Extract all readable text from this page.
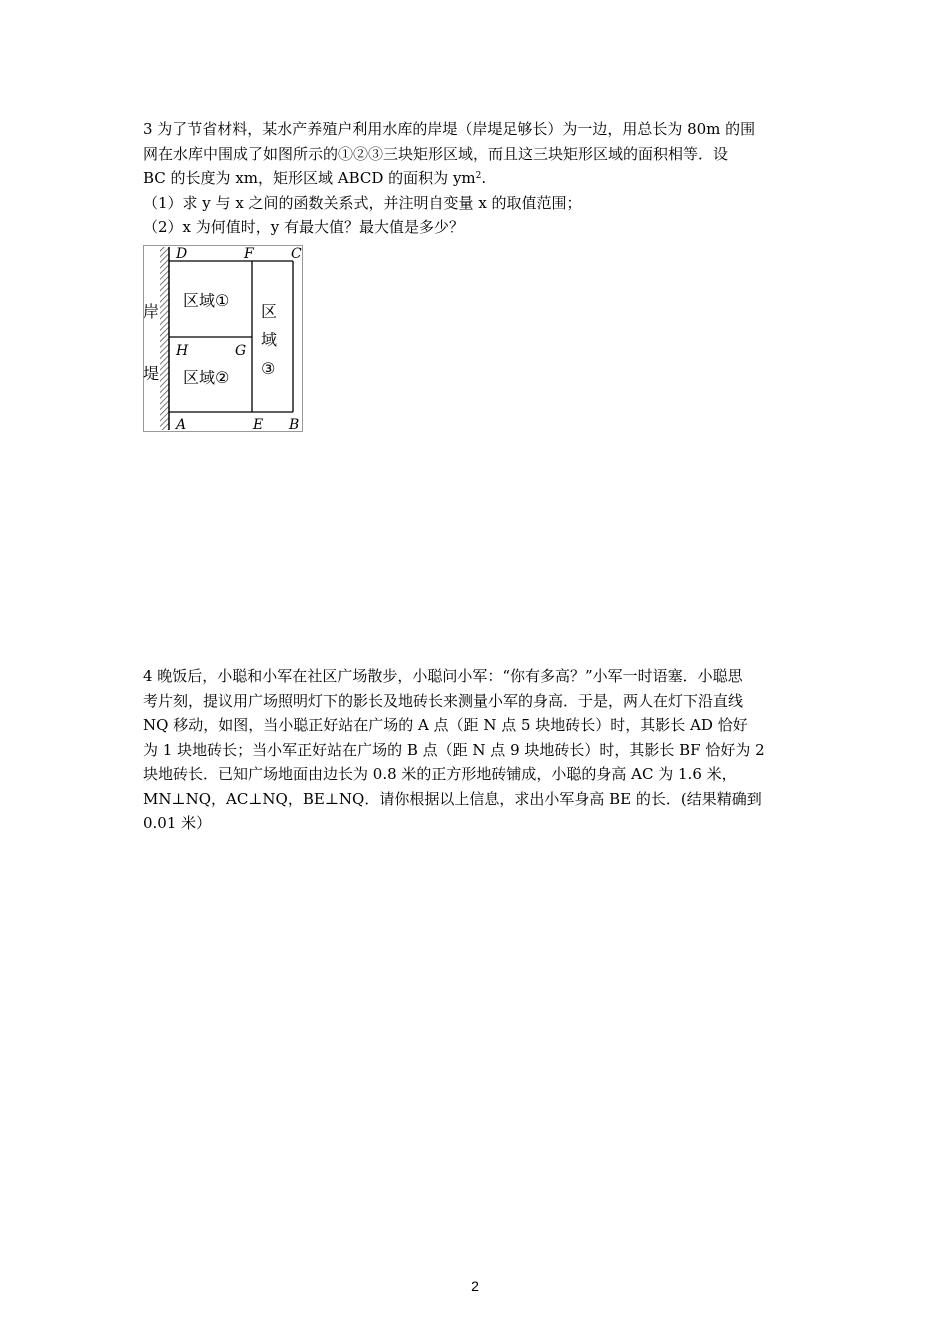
3 为了节省材料，某水产养殖户利用水库的岸堤（岸堤足够长）为一边，用总长为 80m 的围
网在水库中围成了如图所示的①②③三块矩形区域，而且这三块矩形区域的面积相等．设
BC 的长度为 xm，矩形区域 ABCD 的面积为 $ym^2$.
（1）求 y 与 x 之间的函数关系式，并注明自变量 x 的取值范围；
（2）x 为何值时，y 有最大值？最大值是多少？
D	F	C
H	G
A	E B
岸
堤
区域①
区域②
区
域
③
4 晚饭后，小聪和小军在社区广场散步，小聪问小军：“你有多高？”小军一时语塞．小聪思
考片刻，提议用广场照明灯下的影长及地砖长来测量小军的身高．于是，两人在灯下沿直线
NQ 移动，如图，当小聪正好站在广场的 A 点（距 N 点 5 块地砖长）时，其影长 AD 恰好
为 1 块地砖长；当小军正好站在广场的 B 点（距 N 点 9 块地砖长）时，其影长 BF 恰好为 2
块地砖长．已知广场地面由边长为 0.8 米的正方形地砖铺成，小聪的身高 AC 为 1.6 米，
MN⊥NQ，AC⊥NQ，BE⊥NQ．请你根据以上信息，求出小军身高 BE 的长．(结果精确到
0.01 米）
2
